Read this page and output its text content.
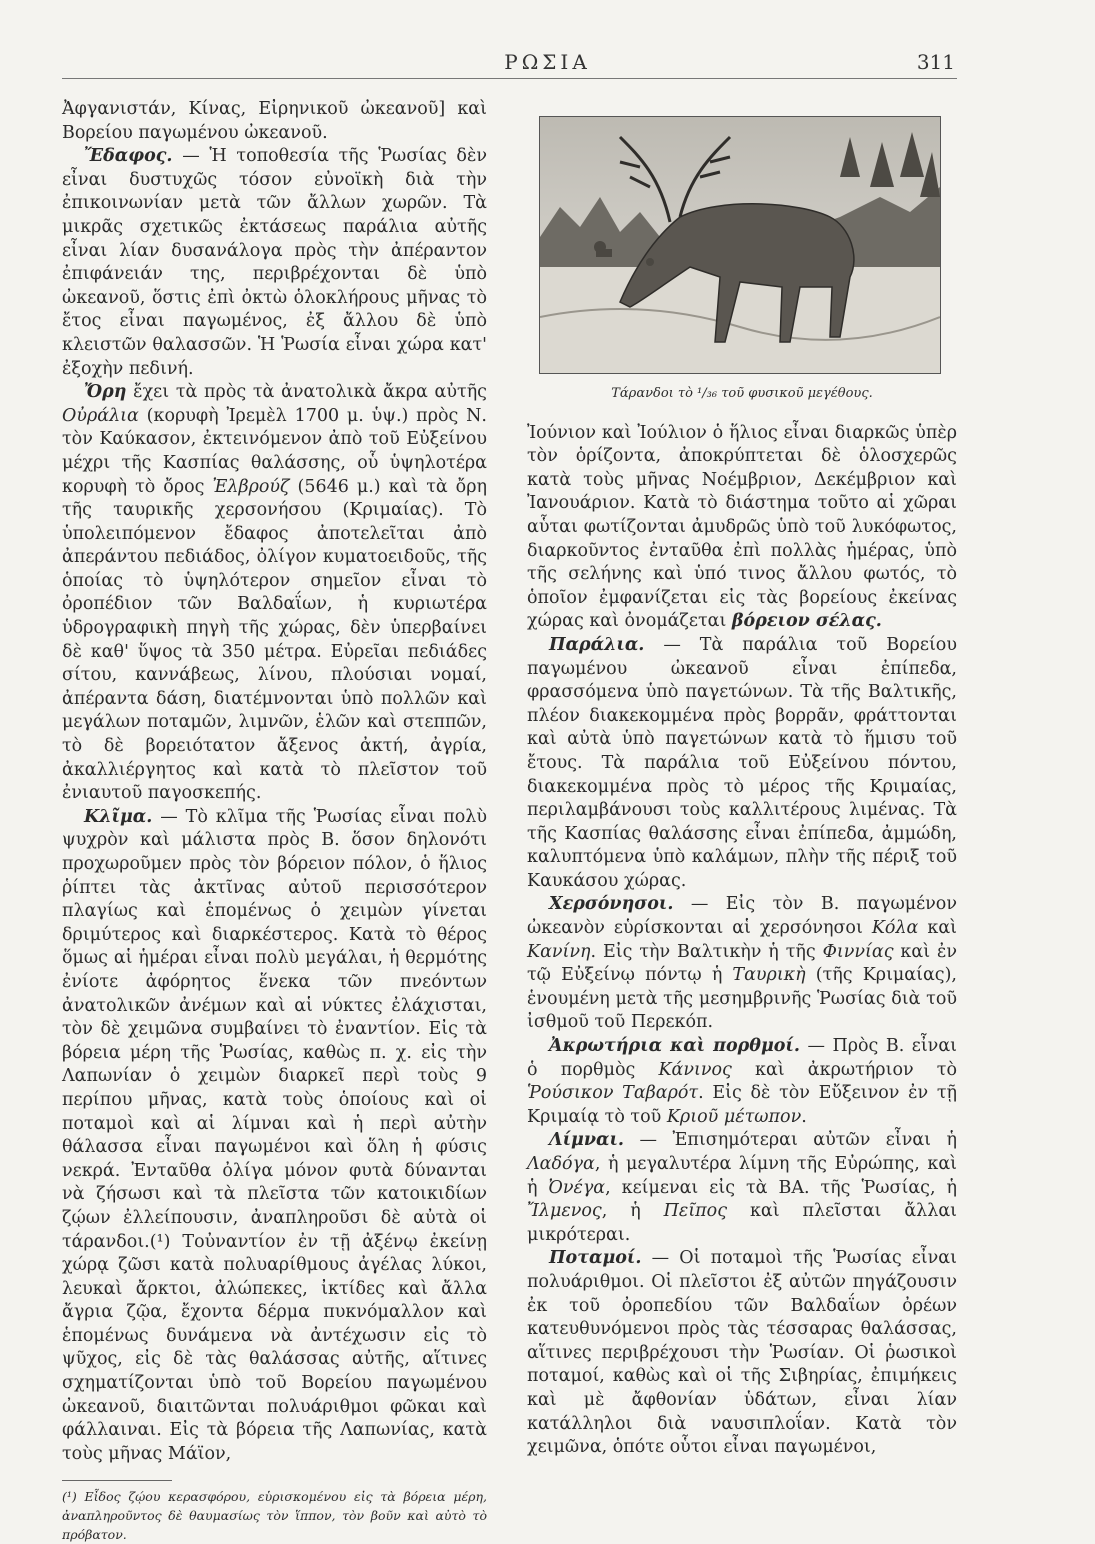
ΡΩΣΙΑ	311

Ἀφγανιστάν, Κίνας, Εἰρηνικοῦ ὠκεανοῦ] καὶ Βορείου παγωμένου ὠκεανοῦ.

Ἔδαφος. — Ἡ τοποθεσία τῆς Ῥωσίας δὲν εἶναι δυστυχῶς τόσον εὐνοϊκὴ διὰ τὴν ἐπικοινωνίαν μετὰ τῶν ἄλλων χωρῶν. Τὰ μικρᾶς σχετικῶς ἐκτάσεως παράλια αὐτῆς εἶναι λίαν δυσανάλογα πρὸς τὴν ἀπέραντον ἐπιφάνειάν της, περιβρέχονται δὲ ὑπὸ ὠκεανοῦ, ὅστις ἐπὶ ὀκτὼ ὁλοκλήρους μῆνας τὸ ἔτος εἶναι παγωμένος, ἐξ ἄλλου δὲ ὑπὸ κλειστῶν θαλασσῶν. Ἡ Ῥωσία εἶναι χώρα κατ' ἐξοχὴν πεδινή.

Ὄρη ἔχει τὰ πρὸς τὰ ἀνατολικὰ ἄκρα αὐτῆς Οὐράλια (κορυφὴ Ἰρεμὲλ 1700 μ. ὑψ.) πρὸς Ν. τὸν Καύκασον, ἐκτεινόμενον ἀπὸ τοῦ Εὐξείνου μέχρι τῆς Κασπίας θαλάσσης, οὗ ὑψηλοτέρα κορυφὴ τὸ ὄρος Ἐλβρούζ (5646 μ.) καὶ τὰ ὄρη τῆς ταυρικῆς χερσονήσου (Κριμαίας). Τὸ ὑπολειπόμενον ἔδαφος ἀποτελεῖται ἀπὸ ἀπεράντου πεδιάδος, ὀλίγον κυματοειδοῦς, τῆς ὁποίας τὸ ὑψηλότερον σημεῖον εἶναι τὸ ὀροπέδιον τῶν Βαλδαΐων, ἡ κυριωτέρα ὑδρογραφικὴ πηγὴ τῆς χώρας, δὲν ὑπερβαίνει δὲ καθ' ὕψος τὰ 350 μέτρα. Εὐρεῖαι πεδιάδες σίτου, καννάβεως, λίνου, πλούσιαι νομαί, ἀπέραντα δάση, διατέμνονται ὑπὸ πολλῶν καὶ μεγάλων ποταμῶν, λιμνῶν, ἑλῶν καὶ στεππῶν, τὸ δὲ βορειότατον ἄξενος ἀκτή, ἀγρία, ἀκαλλιέργητος καὶ κατὰ τὸ πλεῖστον τοῦ ἐνιαυτοῦ παγοσκεπής.

Κλῖμα. — Τὸ κλῖμα τῆς Ῥωσίας εἶναι πολὺ ψυχρὸν καὶ μάλιστα πρὸς Β. ὅσον δηλονότι προχωροῦμεν πρὸς τὸν βόρειον πόλον, ὁ ἥλιος ῥίπτει τὰς ἀκτῖνας αὐτοῦ περισσότερον πλαγίως καὶ ἑπομένως ὁ χειμὼν γίνεται δριμύτερος καὶ διαρκέστερος. Κατὰ τὸ θέρος ὅμως αἱ ἡμέραι εἶναι πολὺ μεγάλαι, ἡ θερμότης ἐνίοτε ἀφόρητος ἕνεκα τῶν πνεόντων ἀνατολικῶν ἀνέμων καὶ αἱ νύκτες ἐλάχισται, τὸν δὲ χειμῶνα συμβαίνει τὸ ἐναντίον. Εἰς τὰ βόρεια μέρη τῆς Ῥωσίας, καθὼς π. χ. εἰς τὴν Λαπωνίαν ὁ χειμὼν διαρκεῖ περὶ τοὺς 9 περίπου μῆνας, κατὰ τοὺς ὁποίους καὶ οἱ ποταμοὶ καὶ αἱ λίμναι καὶ ἡ περὶ αὐτὴν θάλασσα εἶναι παγωμένοι καὶ ὅλη ἡ φύσις νεκρά. Ἐνταῦθα ὀλίγα μόνον φυτὰ δύνανται νὰ ζήσωσι καὶ τὰ πλεῖστα τῶν κατοικιδίων ζῴων ἐλλείπουσιν, ἀναπληροῦσι δὲ αὐτὰ οἱ τάρανδοι.(¹) Τοὐναντίον ἐν τῇ ἀξένῳ ἐκείνῃ χώρᾳ ζῶσι κατὰ πολυαρίθμους ἀγέλας λύκοι, λευκαὶ ἄρκτοι, ἀλώπεκες, ἰκτίδες καὶ ἄλλα ἄγρια ζῷα, ἔχοντα δέρμα πυκνόμαλλον καὶ ἑπομένως δυνάμενα νὰ ἀντέχωσιν εἰς τὸ ψῦχος, εἰς δὲ τὰς θαλάσσας αὐτῆς, αἵτινες σχηματίζονται ὑπὸ τοῦ Βορείου παγωμένου ὠκεανοῦ, διαιτῶνται πολυάριθμοι φῶκαι καὶ φάλλαιναι. Εἰς τὰ βόρεια τῆς Λαπωνίας, κατὰ τοὺς μῆνας Μάϊον,

(¹) Εἶδος ζῴου κερασφόρου, εὑρισκομένου εἰς τὰ βόρεια μέρη, ἀναπληροῦντος δὲ θαυμασίως τὸν ἵππον, τὸν βοῦν καὶ αὐτὸ τὸ πρόβατον.

Τάρανδοι τὸ ¹/₃₆ τοῦ φυσικοῦ μεγέθους.

Ἰούνιον καὶ Ἰούλιον ὁ ἥλιος εἶναι διαρκῶς ὑπὲρ τὸν ὁρίζοντα, ἀποκρύπτεται δὲ ὁλοσχερῶς κατὰ τοὺς μῆνας Νοέμβριον, Δεκέμβριον καὶ Ἰανουάριον. Κατὰ τὸ διάστημα τοῦτο αἱ χῶραι αὗται φωτίζονται ἀμυδρῶς ὑπὸ τοῦ λυκόφωτος, διαρκοῦντος ἐνταῦθα ἐπὶ πολλὰς ἡμέρας, ὑπὸ τῆς σελήνης καὶ ὑπό τινος ἄλλου φωτός, τὸ ὁποῖον ἐμφανίζεται εἰς τὰς βορείους ἐκείνας χώρας καὶ ὀνομάζεται βόρειον σέλας.

Παράλια. — Τὰ παράλια τοῦ Βορείου παγωμένου ὠκεανοῦ εἶναι ἐπίπεδα, φρασσόμενα ὑπὸ παγετώνων. Τὰ τῆς Βαλτικῆς, πλέον διακεκομμένα πρὸς βορρᾶν, φράττονται καὶ αὐτὰ ὑπὸ παγετώνων κατὰ τὸ ἥμισυ τοῦ ἔτους. Τὰ παράλια τοῦ Εὐξείνου πόντου, διακεκομμένα πρὸς τὸ μέρος τῆς Κριμαίας, περιλαμβάνουσι τοὺς καλλιτέρους λιμένας. Τὰ τῆς Κασπίας θαλάσσης εἶναι ἐπίπεδα, ἀμμώδη, καλυπτόμενα ὑπὸ καλάμων, πλὴν τῆς πέριξ τοῦ Καυκάσου χώρας.

Χερσόνησοι. — Εἰς τὸν Β. παγωμένον ὠκεανὸν εὑρίσκονται αἱ χερσόνησοι Κόλα καὶ Κανίνη. Εἰς τὴν Βαλτικὴν ἡ τῆς Φιννίας καὶ ἐν τῷ Εὐξείνῳ πόντῳ ἡ Ταυρικὴ (τῆς Κριμαίας), ἑνουμένη μετὰ τῆς μεσημβρινῆς Ῥωσίας διὰ τοῦ ἰσθμοῦ τοῦ Περεκόπ.

Ἀκρωτήρια καὶ πορθμοί. — Πρὸς Β. εἶναι ὁ πορθμὸς Κάνινος καὶ ἀκρωτήριον τὸ Ῥούσικον Ταβαρότ. Εἰς δὲ τὸν Εὔξεινον ἐν τῇ Κριμαίᾳ τὸ τοῦ Κριοῦ μέτωπον.

Λίμναι. — Ἐπισημότεραι αὐτῶν εἶναι ἡ Λαδόγα, ἡ μεγαλυτέρα λίμνη τῆς Εὐρώπης, καὶ ἡ Ὀνέγα, κείμεναι εἰς τὰ ΒΑ. τῆς Ῥωσίας, ἡ Ἴλμενος, ἡ Πεῖπος καὶ πλεῖσται ἄλλαι μικρότεραι.

Ποταμοί. — Οἱ ποταμοὶ τῆς Ῥωσίας εἶναι πολυάριθμοι. Οἱ πλεῖστοι ἐξ αὐτῶν πηγάζουσιν ἐκ τοῦ ὀροπεδίου τῶν Βαλδαΐων ὀρέων κατευθυνόμενοι πρὸς τὰς τέσσαρας θαλάσσας, αἵτινες περιβρέχουσι τὴν Ῥωσίαν. Οἱ ῥωσικοὶ ποταμοί, καθὼς καὶ οἱ τῆς Σιβηρίας, ἐπιμήκεις καὶ μὲ ἄφθονίαν ὑδάτων, εἶναι λίαν κατάλληλοι διὰ ναυσιπλοΐαν. Κατὰ τὸν χειμῶνα, ὁπότε οὗτοι εἶναι παγωμένοι,
